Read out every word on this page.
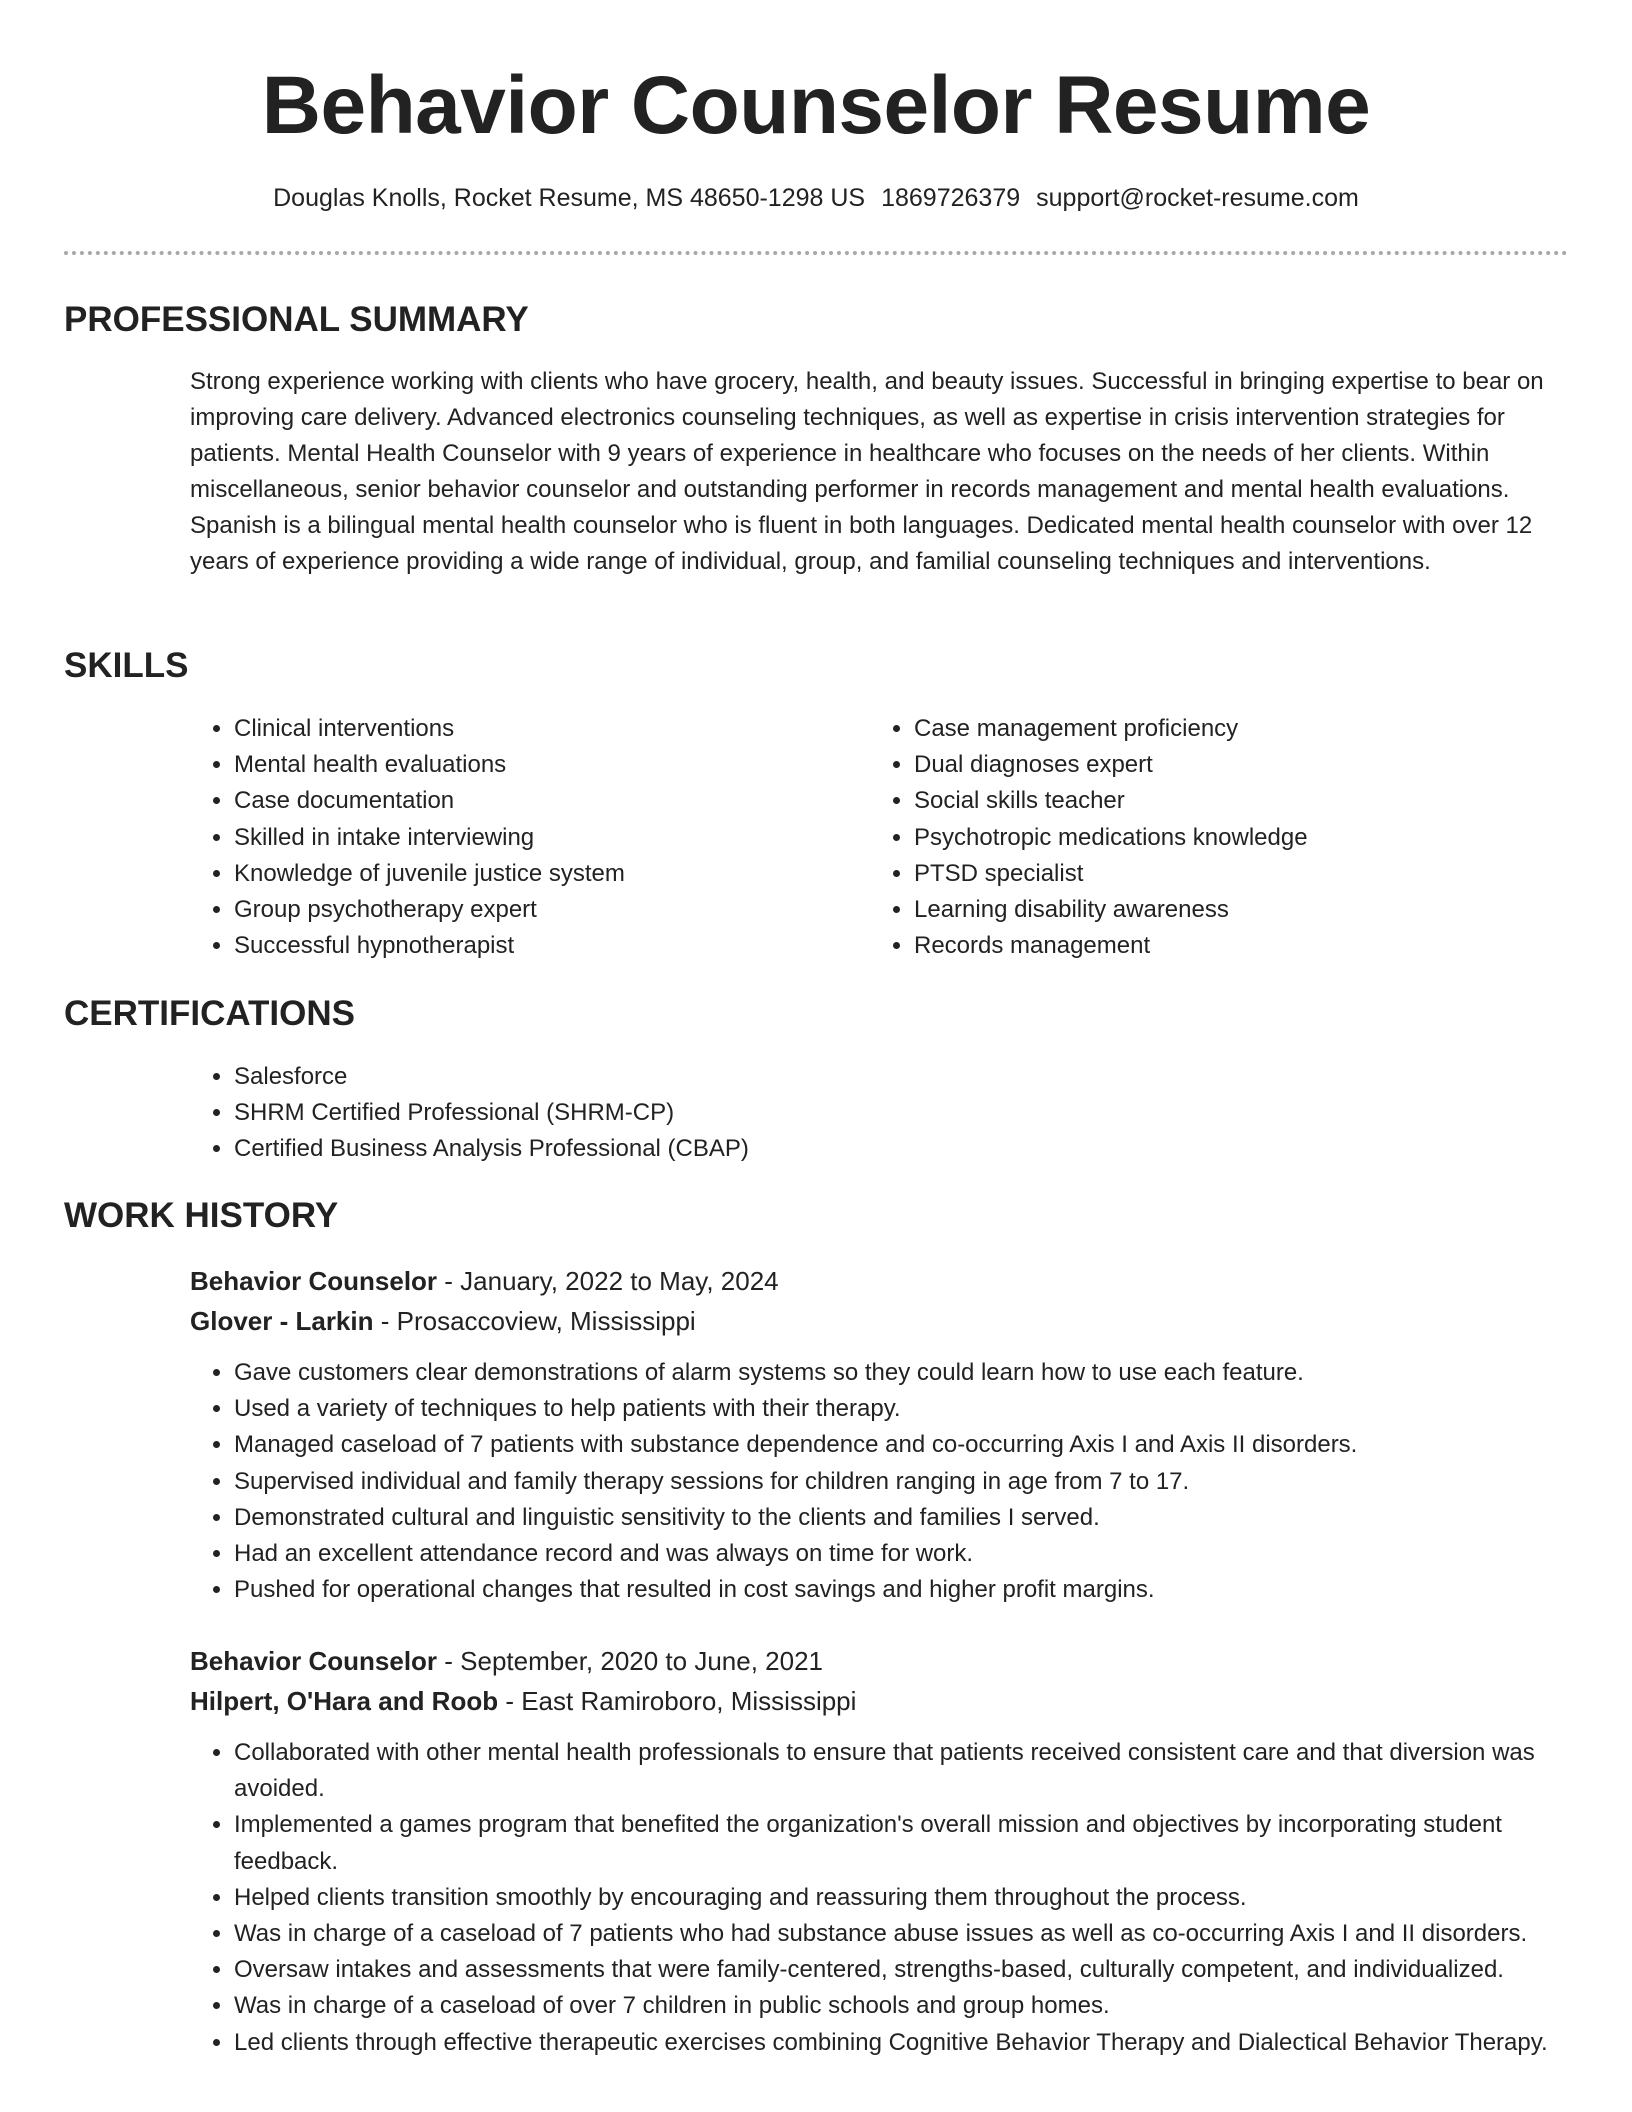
Behavior Counselor Resume
Douglas Knolls, Rocket Resume, MS 48650-1298 US 1869726379 support@rocket-resume.com
PROFESSIONAL SUMMARY

Strong experience working with clients who have grocery, health, and beauty issues. Successful in bringing expertise to bear on improving care delivery. Advanced electronics counseling techniques, as well as expertise in crisis intervention strategies for patients. Mental Health Counselor with 9 years of experience in healthcare who focuses on the needs of her clients. Within miscellaneous, senior behavior counselor and outstanding performer in records management and mental health evaluations. Spanish is a bilingual mental health counselor who is fluent in both languages. Dedicated mental health counselor with over 12 years of experience providing a wide range of individual, group, and familial counseling techniques and interventions.

SKILLS
• Clinical interventions
• Mental health evaluations
• Case documentation
• Skilled in intake interviewing
• Knowledge of juvenile justice system
• Group psychotherapy expert
• Successful hypnotherapist
• Case management proficiency
• Dual diagnoses expert
• Social skills teacher
• Psychotropic medications knowledge
• PTSD specialist
• Learning disability awareness
• Records management
CERTIFICATIONS
• Salesforce
• SHRM Certified Professional (SHRM-CP)
• Certified Business Analysis Professional (CBAP)
WORK HISTORY
Behavior Counselor - January, 2022 to May, 2024
Glover - Larkin - Prosaccoview, Mississippi
• Gave customers clear demonstrations of alarm systems so they could learn how to use each feature.
• Used a variety of techniques to help patients with their therapy.
• Managed caseload of 7 patients with substance dependence and co-occurring Axis I and Axis II disorders.
• Supervised individual and family therapy sessions for children ranging in age from 7 to 17.
• Demonstrated cultural and linguistic sensitivity to the clients and families I served.
• Had an excellent attendance record and was always on time for work.
• Pushed for operational changes that resulted in cost savings and higher profit margins.
Behavior Counselor - September, 2020 to June, 2021
Hilpert, O'Hara and Roob - East Ramiroboro, Mississippi
• Collaborated with other mental health professionals to ensure that patients received consistent care and that diversion was avoided.
• Implemented a games program that benefited the organization's overall mission and objectives by incorporating student feedback.
• Helped clients transition smoothly by encouraging and reassuring them throughout the process.
• Was in charge of a caseload of 7 patients who had substance abuse issues as well as co-occurring Axis I and II disorders.
• Oversaw intakes and assessments that were family-centered, strengths-based, culturally competent, and individualized.
• Was in charge of a caseload of over 7 children in public schools and group homes.
• Led clients through effective therapeutic exercises combining Cognitive Behavior Therapy and Dialectical Behavior Therapy.
